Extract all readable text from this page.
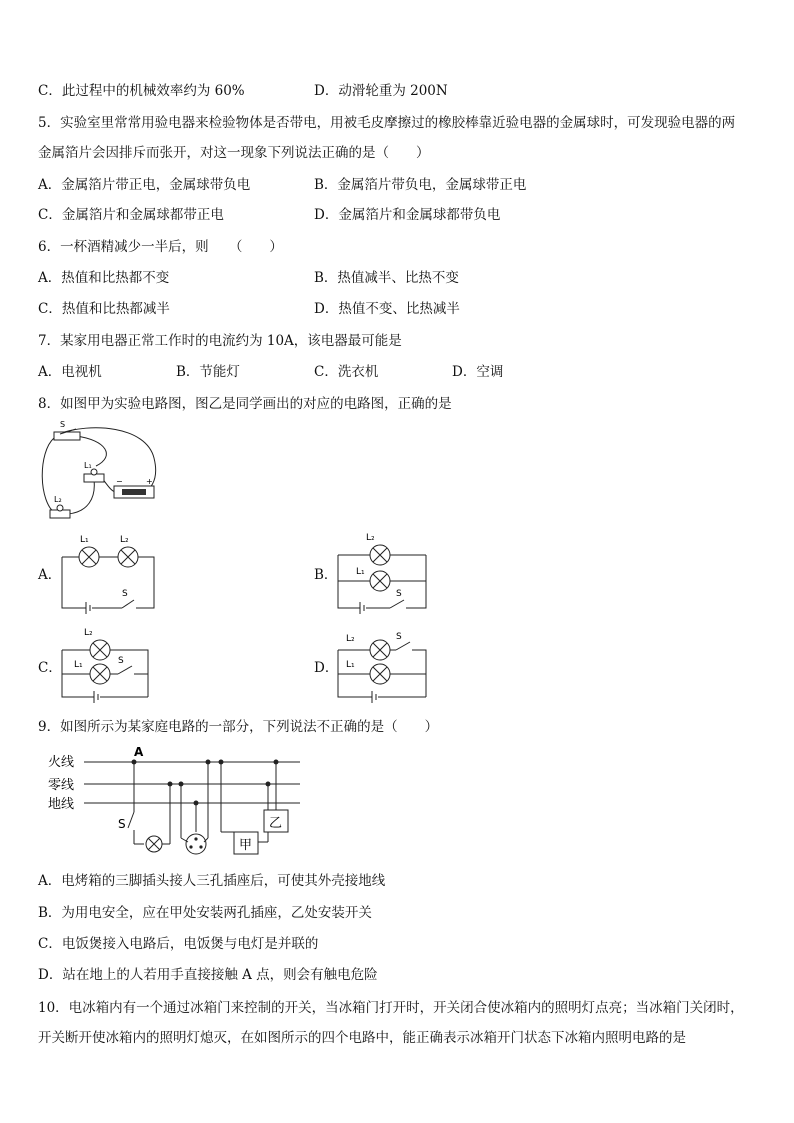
C．此过程中的机械效率约为 60%	D．动滑轮重为 200N
5．实验室里常常用验电器来检验物体是否带电，用被毛皮摩擦过的橡胶棒靠近验电器的金属球时，可发现验电器的两
金属箔片会因排斥而张开，对这一现象下列说法正确的是（　　）
A．金属箔片带正电，金属球带负电	B．金属箔片带负电，金属球带正电
C．金属箔片和金属球都带正电	D．金属箔片和金属球都带负电
6．一杯酒精减少一半后，则　　（　　）
A．热值和比热都不变	B．热值减半、比热不变
C．热值和比热都减半	D．热值不变、比热减半
7．某家用电器正常工作时的电流约为 10A，该电器最可能是
A．电视机	B．节能灯	C．洗衣机	D．空调
8．如图甲为实验电路图，图乙是同学画出的对应的电路图，正确的是
S
L₁
L₂
−	+
A．	B．
C．	D．
L₁	L₂
S
L₂
L₁
S
L₂
L₁	S
L₂
L₁
S
9．如图所示为某家庭电路的一部分，下列说法不正确的是（　　）
火线
零线
地线
A
S
甲
乙
A．电烤箱的三脚插头接人三孔插座后，可使其外壳接地线
B．为用电安全，应在甲处安装两孔插座，乙处安装开关
C．电饭煲接入电路后，电饭煲与电灯是并联的
D．站在地上的人若用手直接接触 A 点，则会有触电危险
10．电冰箱内有一个通过冰箱门来控制的开关，当冰箱门打开时，开关闭合使冰箱内的照明灯点亮；当冰箱门关闭时，
开关断开使冰箱内的照明灯熄灭，在如图所示的四个电路中，能正确表示冰箱开门状态下冰箱内照明电路的是
